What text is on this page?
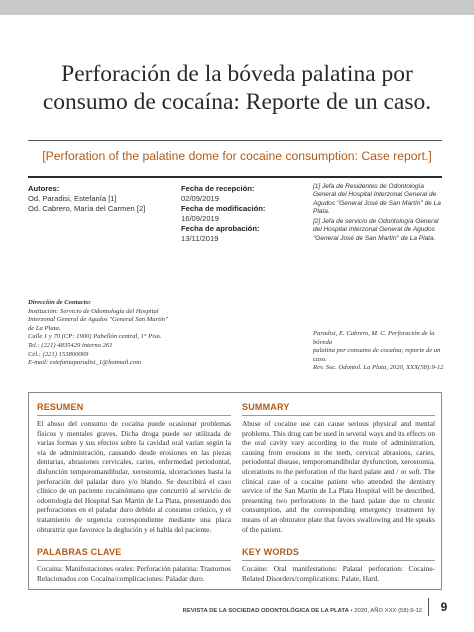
Perforación de la bóveda palatina por
consumo de cocaína: Reporte de un caso.

[Perforation of the palatine dome for cocaine consumption: Case report.]

Autores:
Od. Paradisi, Estefanía [1]
Od. Cabrero, María del Carmen [2]
Fecha de recepción:
02/09/2019
Fecha de modificación:
16/09/2019
Fecha de aprobación:
13/11/2019
[1] Jefa de Residentes de Odontología General del Hospital Interzonal General de Agudos "General José de San Martín" de La Plata.
[2] Jefa de servicio de Odontología General del Hospital Interzonal General de Agudos "General José de San Martín" de La Plata.
Dirección de Contacto:
Institución: Servicio de Odontología del Hospital
Interzonal General de Agudos "General San Martín"
de La Plata.
Calle 1 y 70 (CP: 1900) Pabellón central, 1° Piso.
Tel.: (221) 4835429 interno 261
Cel.: (221) 153800069
E-mail: estefaniaparadisi_1@hotmail.com
Paradisi, E. Cabrero, M. C. Perforación de la bóveda
palatina por consumo de cocaína; reporte de un caso.
Rev. Soc. Odontol. La Plata, 2020, XXX(58):9-12
RESUMEN

El abuso del consumo de cocaína puede ocasionar problemas físicos y mentales graves. Dicha droga puede ser utilizada de varias formas y sus efectos sobre la cavidad oral varían según la vía de administración, causando desde erosiones en las piezas dentarias, abrasiones cervicales, caries, enfermedad periodontal, disfunción temporomandibular, xerostomía, ulceraciones hasta la perforación del paladar duro y/o blando. Se describirá el caso clínico de un paciente cocainómano que concurrió al servicio de odontología del Hospital San Martín de La Plata, presentando dos perforaciones en el paladar duro debido al consumo crónico, y el tratamiento de urgencia correspondiente mediante una placa obturatriz que favorece la deglución y el habla del paciente.

SUMMARY

Abuse of cocaine use can cause serious physical and mental problems. This drug can be used in several ways and its effects on the oral cavity vary according to the route of administration, causing from erosions in the teeth, cervical abrasions, caries, periodontal disease, temporomandibular dysfunction, xerostomia, ulcerations to the perforation of the hard palate and / or soft. The clinical case of a cocaine patient who attended the dentistry service of the San Martín de La Plata Hospital will be described, presenting two perforations in the hard palate due to chronic consumption, and the corresponding emergency treatment by means of an obturator plate that favors swallowing and He speaks of the patient.

PALABRAS CLAVE

Cocaína: Manifestaciones orales: Perforación palatina: Trastornos Relacionados con Cocaína/complicaciones: Paladar duro.

KEY WORDS

Cocaine: Oral manifestations: Palatal perforation: Cocaine-Related Disorders/complications: Palate, Hard.

REVISTA DE LA SOCIEDAD ODONTOLÓGICA DE LA PLATA • 2020, AÑO XXX (58):9-12	9
